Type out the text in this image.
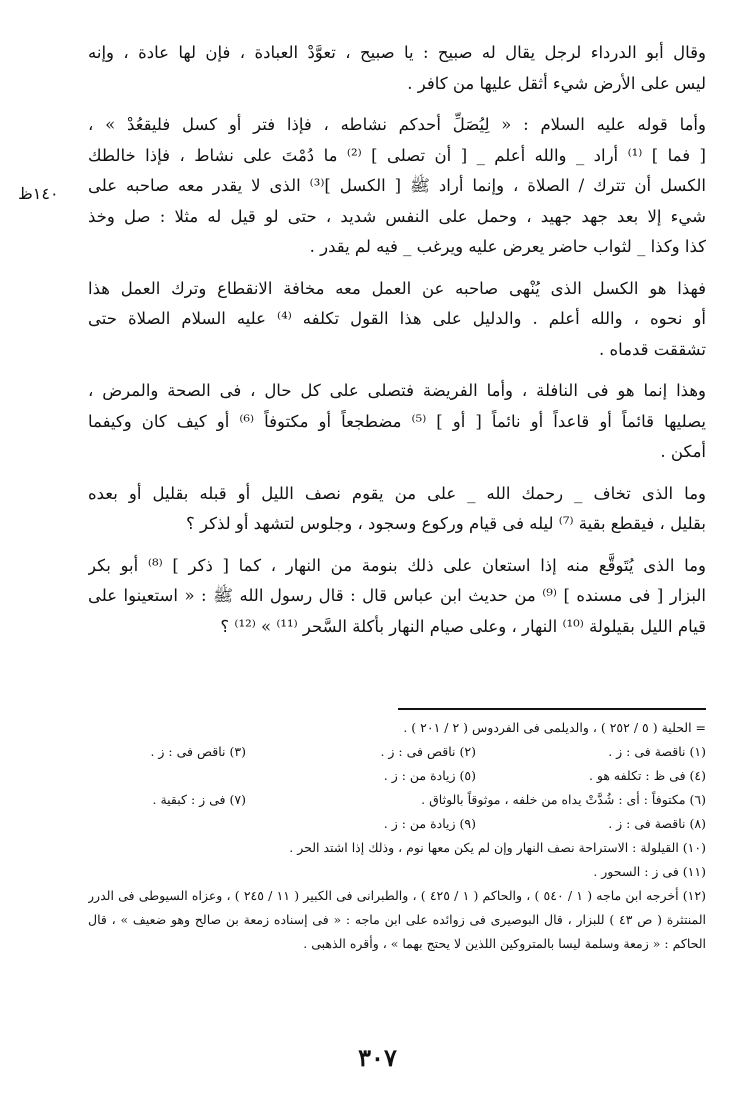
١٤٠ظ

وقال أبو الدرداء لرجل يقال له صبيح : يا صبيح ، تعوَّدْ العبادة ، فإن لها عادة ، وإنه
ليس على الأرض شيء أثقل عليها من كافر .

وأما قوله عليه السلام : « لِيُصَلِّ أحدكم نشاطه ، فإذا فتر أو كسل فليقعُدْ » ،
[ فما ] ⁽¹⁾ أراد _ والله أعلم _ [ أن تصلى ] ⁽²⁾ ما دُمْتَ على نشاط ، فإذا خالطك
الكسل أن تترك / الصلاة ، وإنما أراد ﷺ [ الكسل ]⁽³⁾ الذى لا يقدر معه صاحبه على
شيء إلا بعد جهد جهيد ، وحمل على النفس شديد ، حتى لو قيل له مثلا : صل وخذ
كذا وكذا _ لثواب حاضر يعرض عليه ويرغب _ فيه لم يقدر .

فهذا هو الكسل الذى يُنْهى صاحبه عن العمل معه مخافة الانقطاع وترك العمل هذا
أو نحوه ، والله أعلم . والدليل على هذا القول تكلفه ⁽⁴⁾ عليه السلام الصلاة حتى
تشققت قدماه .

وهذا إنما هو فى النافلة ، وأما الفريضة فتصلى على كل حال ، فى الصحة والمرض ،
يصليها قائماً أو قاعداً أو نائماً [ أو ] ⁽⁵⁾ مضطجعاً أو مكتوفاً ⁽⁶⁾ أو كيف كان وكيفما
أمكن .

وما الذى تخاف _ رحمك الله _ على من يقوم نصف الليل أو قبله بقليل أو بعده
بقليل ، فيقطع بقية ⁽⁷⁾ ليله فى قيام وركوع وسجود ، وجلوس لتشهد أو لذكر ؟

وما الذى يُتَوقَّع منه إذا استعان على ذلك بنومة من النهار ، كما [ ذكر ] ⁽⁸⁾ أبو بكر
البزار [ فى مسنده ] ⁽⁹⁾ من حديث ابن عباس قال : قال رسول الله ﷺ : « استعينوا على
قيام الليل بقيلولة ⁽¹⁰⁾ النهار ، وعلى صيام النهار بأكلة السَّحر ⁽¹¹⁾ » ⁽¹²⁾ ؟

= الحلية ( ٥ / ٢٥٢ ) ، والديلمى فى الفردوس ( ٢ / ٢٠١ ) .
(١) ناقصة فى : ز .
(٢) ناقص فى : ز .
(٣) ناقص فى : ز .
(٤) فى ظ : تكلفه هو .
(٥) زيادة من : ز .
(٦) مكتوفاً : أى : شُدَّتْ يداه من خلفه ، موثوقاً بالوثاق .
(٧) فى ز : كبقية .
(٨) ناقصة فى : ز .
(٩) زيادة من : ز .
(١٠) القيلولة : الاستراحة نصف النهار وإن لم يكن معها نوم ، وذلك إذا اشتد الحر .
(١١) فى ز : السحور .
(١٢) أخرجه ابن ماجه ( ١ / ٥٤٠ ) ، والحاكم ( ١ / ٤٢٥ ) ، والطبرانى فى الكبير ( ١١ / ٢٤٥ ) ، وعزاه السيوطى فى الدرر المنتثرة ( ص ٤٣ ) للبزار ، قال البوصيرى فى زوائده على ابن ماجه : « فى إسناده زمعة بن صالح وهو ضعيف » ، قال الحاكم : « زمعة وسلمة ليسا بالمتروكين اللذين لا يحتج بهما » ، وأقره الذهبى .
٣٠٧
